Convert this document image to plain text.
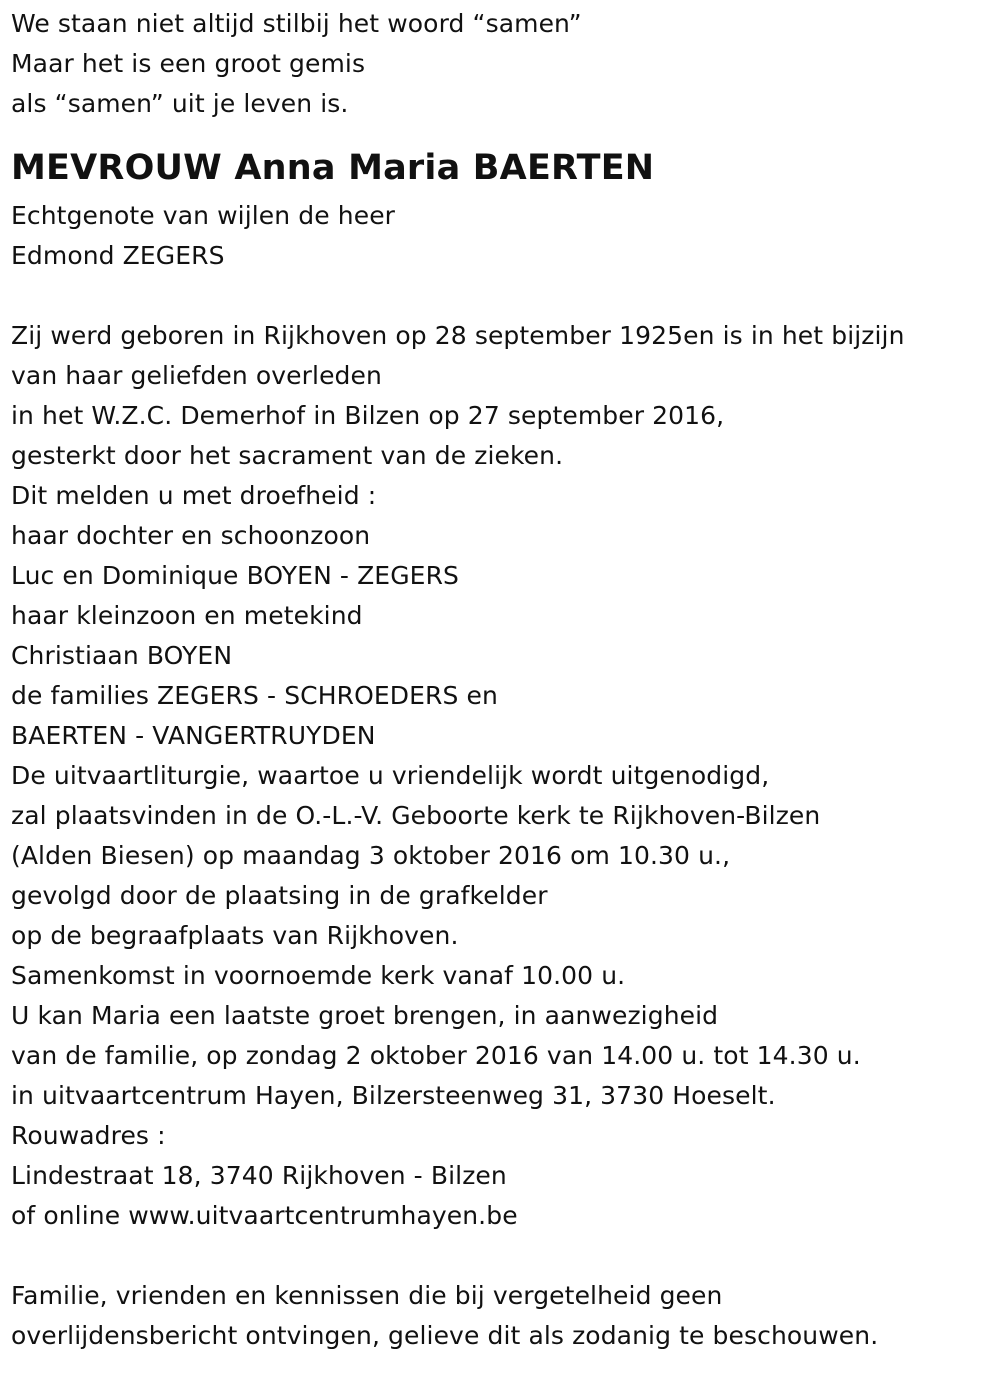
We staan niet altijd stilbij het woord “samen”
Maar het is een groot gemis
als “samen” uit je leven is.
MEVROUW Anna Maria BAERTEN
Echtgenote van wijlen de heer
Edmond ZEGERS
Zij werd geboren in Rijkhoven op 28 september 1925en is in het bijzijn
van haar geliefden overleden
in het W.Z.C. Demerhof in Bilzen op 27 september 2016,
gesterkt door het sacrament van de zieken.
Dit melden u met droefheid :
haar dochter en schoonzoon
Luc en Dominique BOYEN - ZEGERS
haar kleinzoon en metekind
Christiaan BOYEN
de families ZEGERS - SCHROEDERS en
BAERTEN - VANGERTRUYDEN
De uitvaartliturgie, waartoe u vriendelijk wordt uitgenodigd,
zal plaatsvinden in de O.-L.-V. Geboorte kerk te Rijkhoven-Bilzen
(Alden Biesen) op maandag 3 oktober 2016 om 10.30 u.,
gevolgd door de plaatsing in de grafkelder
op de begraafplaats van Rijkhoven.
Samenkomst in voornoemde kerk vanaf 10.00 u.
U kan Maria een laatste groet brengen, in aanwezigheid
van de familie, op zondag 2 oktober 2016 van 14.00 u. tot 14.30 u.
in uitvaartcentrum Hayen, Bilzersteenweg 31, 3730 Hoeselt.
Rouwadres :
Lindestraat 18, 3740 Rijkhoven - Bilzen
of online www.uitvaartcentrumhayen.be
Familie, vrienden en kennissen die bij vergetelheid geen
overlijdensbericht ontvingen, gelieve dit als zodanig te beschouwen.
